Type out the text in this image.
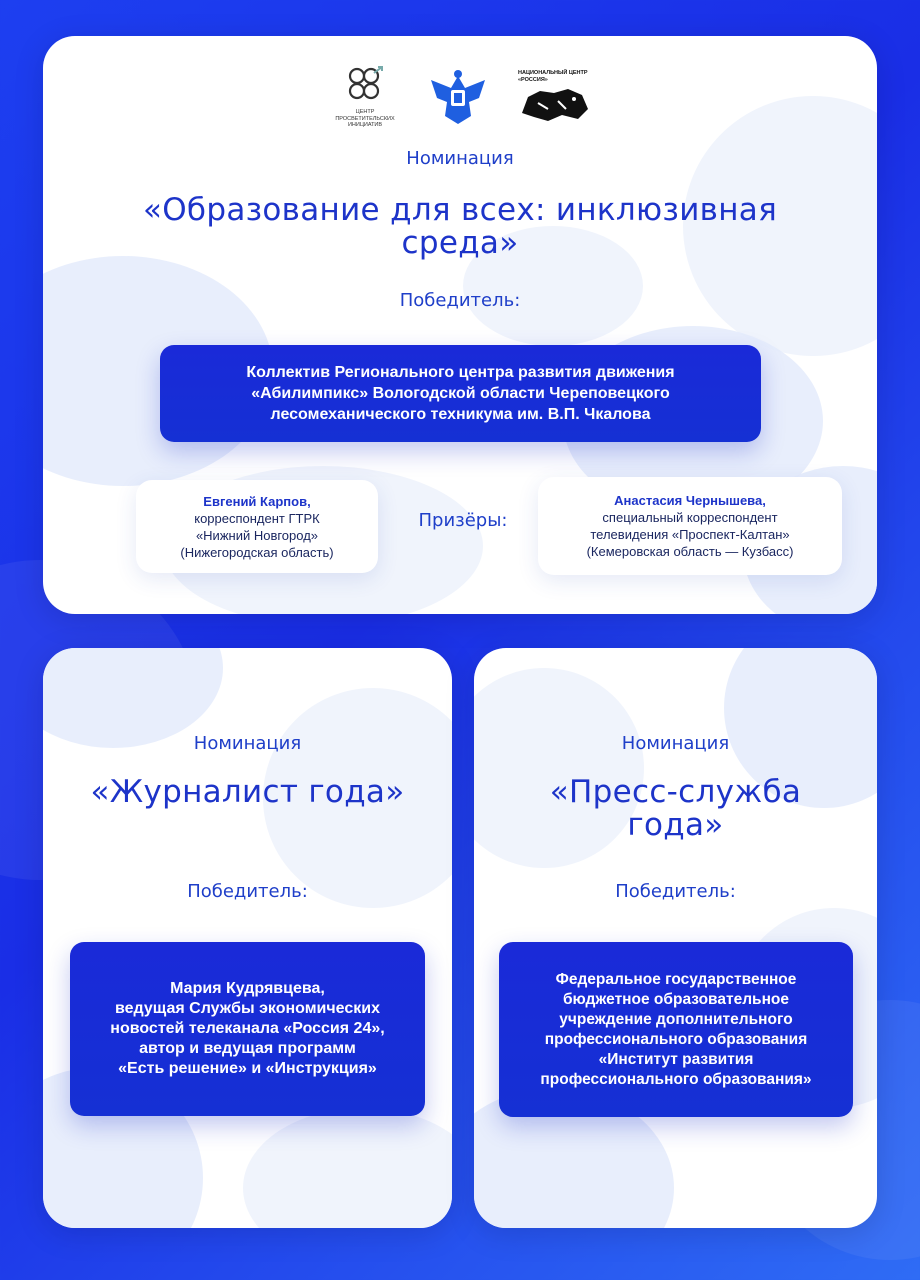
ЦЕНТР
ПРОСВЕТИТЕЛЬСКИХ
ИНИЦИАТИВ
НАЦИОНАЛЬНЫЙ ЦЕНТР
«РОССИЯ»
Номинация
«Образование для всех: инклюзивная среда»
Победитель:
Коллектив Регионального центра развития движения
«Абилимпикс» Вологодской области Череповецкого
лесомеханического техникума им. В.П. Чкалова
Евгений Карпов,
корреспондент ГТРК
«Нижний Новгород»
(Нижегородская область)
Призёры:
Анастасия Чернышева,
специальный корреспондент
телевидения «Проспект-Калтан»
(Кемеровская область — Кузбасс)
Номинация
«Журналист года»
Победитель:
Мария Кудрявцева,
ведущая Службы экономических
новостей телеканала «Россия 24»,
автор и ведущая программ
«Есть решение» и «Инструкция»
Номинация
«Пресс-служба
года»
Победитель:
Федеральное государственное
бюджетное образовательное
учреждение дополнительного
профессионального образования
«Институт развития
профессионального образования»
